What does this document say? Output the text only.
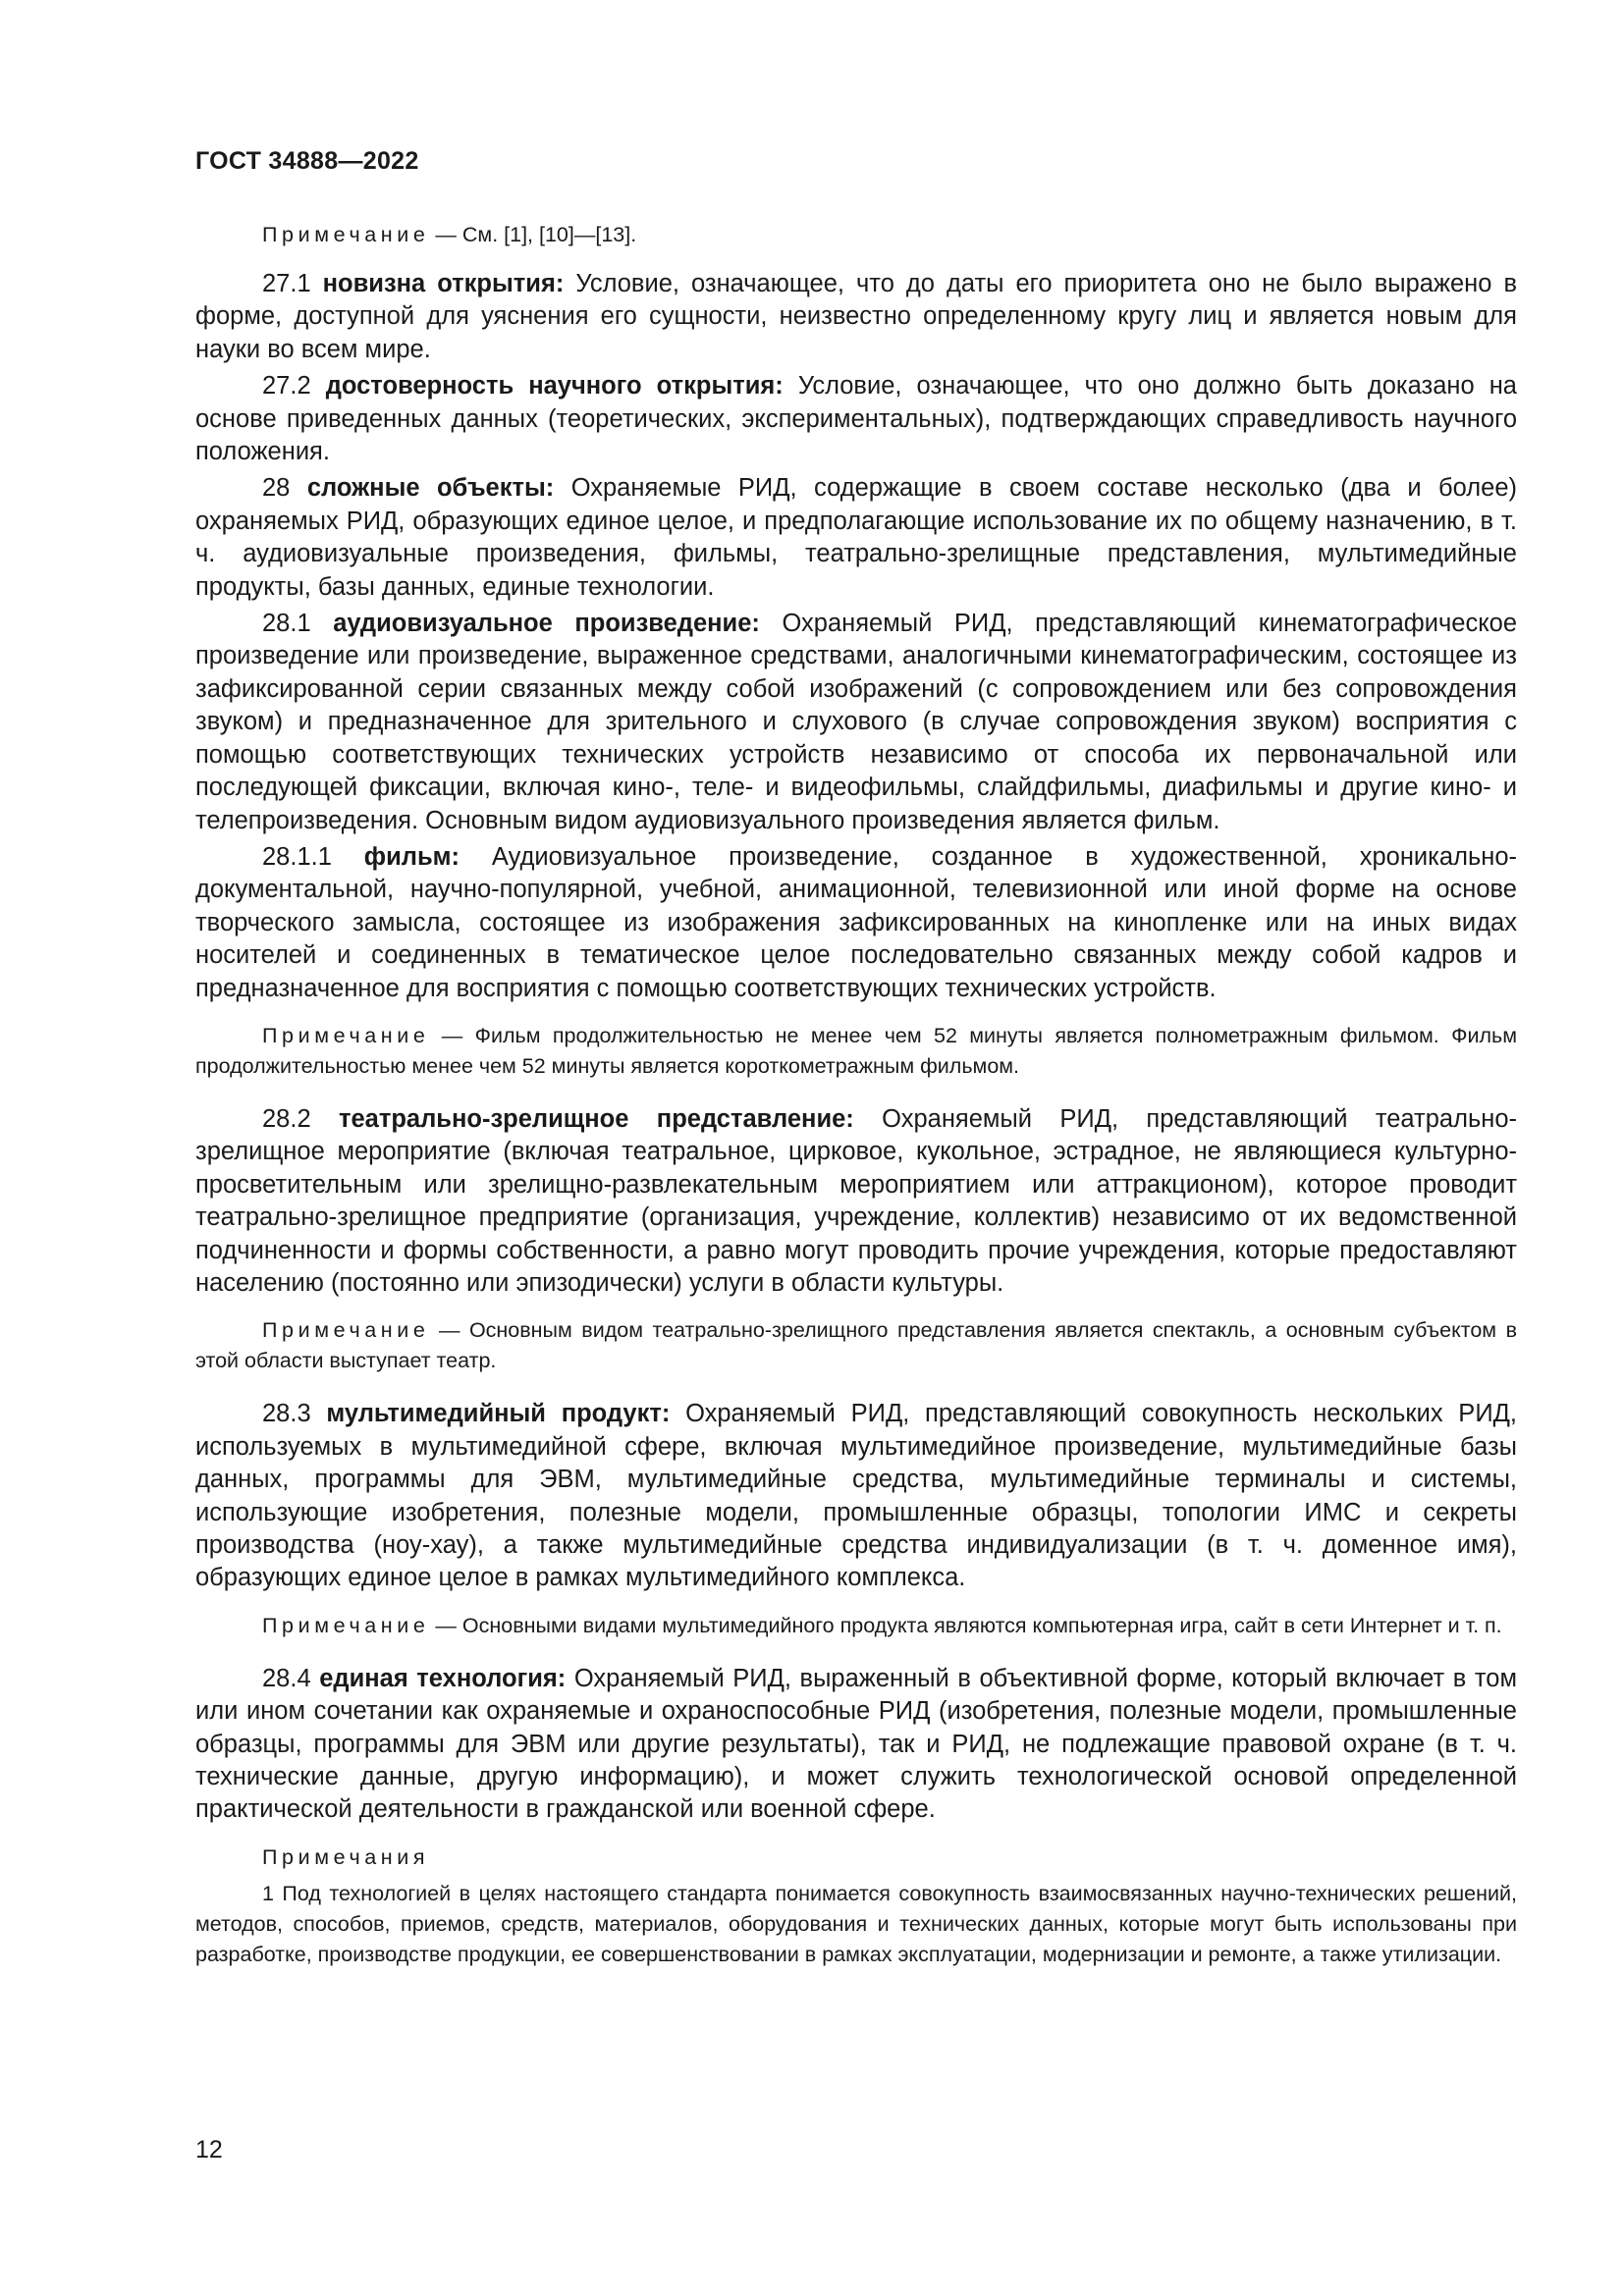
ГОСТ 34888—2022

Примечание — См. [1], [10]—[13].

27.1 новизна открытия: Условие, означающее, что до даты его приоритета оно не было выражено в форме, доступной для уяснения его сущности, неизвестно определенному кругу лиц и является новым для науки во всем мире.

27.2 достоверность научного открытия: Условие, означающее, что оно должно быть доказано на основе приведенных данных (теоретических, экспериментальных), подтверждающих справедливость научного положения.

28 сложные объекты: Охраняемые РИД, содержащие в своем составе несколько (два и более) охраняемых РИД, образующих единое целое, и предполагающие использование их по общему назначению, в т. ч. аудиовизуальные произведения, фильмы, театрально-зрелищные представления, мультимедийные продукты, базы данных, единые технологии.

28.1 аудиовизуальное произведение: Охраняемый РИД, представляющий кинематографическое произведение или произведение, выраженное средствами, аналогичными кинематографическим, состоящее из зафиксированной серии связанных между собой изображений (с сопровождением или без сопровождения звуком) и предназначенное для зрительного и слухового (в случае сопровождения звуком) восприятия с помощью соответствующих технических устройств независимо от способа их первоначальной или последующей фиксации, включая кино-, теле- и видеофильмы, слайдфильмы, диафильмы и другие кино- и телепроизведения. Основным видом аудиовизуального произведения является фильм.

28.1.1 фильм: Аудиовизуальное произведение, созданное в художественной, хроникально-документальной, научно-популярной, учебной, анимационной, телевизионной или иной форме на основе творческого замысла, состоящее из изображения зафиксированных на кинопленке или на иных видах носителей и соединенных в тематическое целое последовательно связанных между собой кадров и предназначенное для восприятия с помощью соответствующих технических устройств.

Примечание — Фильм продолжительностью не менее чем 52 минуты является полнометражным фильмом. Фильм продолжительностью менее чем 52 минуты является короткометражным фильмом.

28.2 театрально-зрелищное представление: Охраняемый РИД, представляющий театрально-зрелищное мероприятие (включая театральное, цирковое, кукольное, эстрадное, не являющиеся культурно-просветительным или зрелищно-развлекательным мероприятием или аттракционом), которое проводит театрально-зрелищное предприятие (организация, учреждение, коллектив) независимо от их ведомственной подчиненности и формы собственности, а равно могут проводить прочие учреждения, которые предоставляют населению (постоянно или эпизодически) услуги в области культуры.

Примечание — Основным видом театрально-зрелищного представления является спектакль, а основным субъектом в этой области выступает театр.

28.3 мультимедийный продукт: Охраняемый РИД, представляющий совокупность нескольких РИД, используемых в мультимедийной сфере, включая мультимедийное произведение, мультимедийные базы данных, программы для ЭВМ, мультимедийные средства, мультимедийные терминалы и системы, использующие изобретения, полезные модели, промышленные образцы, топологии ИМС и секреты производства (ноу-хау), а также мультимедийные средства индивидуализации (в т. ч. доменное имя), образующих единое целое в рамках мультимедийного комплекса.

Примечание — Основными видами мультимедийного продукта являются компьютерная игра, сайт в сети Интернет и т. п.

28.4 единая технология: Охраняемый РИД, выраженный в объективной форме, который включает в том или ином сочетании как охраняемые и охраноспособные РИД (изобретения, полезные модели, промышленные образцы, программы для ЭВМ или другие результаты), так и РИД, не подлежащие правовой охране (в т. ч. технические данные, другую информацию), и может служить технологической основой определенной практической деятельности в гражданской или военной сфере.

Примечания

1 Под технологией в целях настоящего стандарта понимается совокупность взаимосвязанных научно-технических решений, методов, способов, приемов, средств, материалов, оборудования и технических данных, которые могут быть использованы при разработке, производстве продукции, ее совершенствовании в рамках эксплуатации, модернизации и ремонте, а также утилизации.

12
